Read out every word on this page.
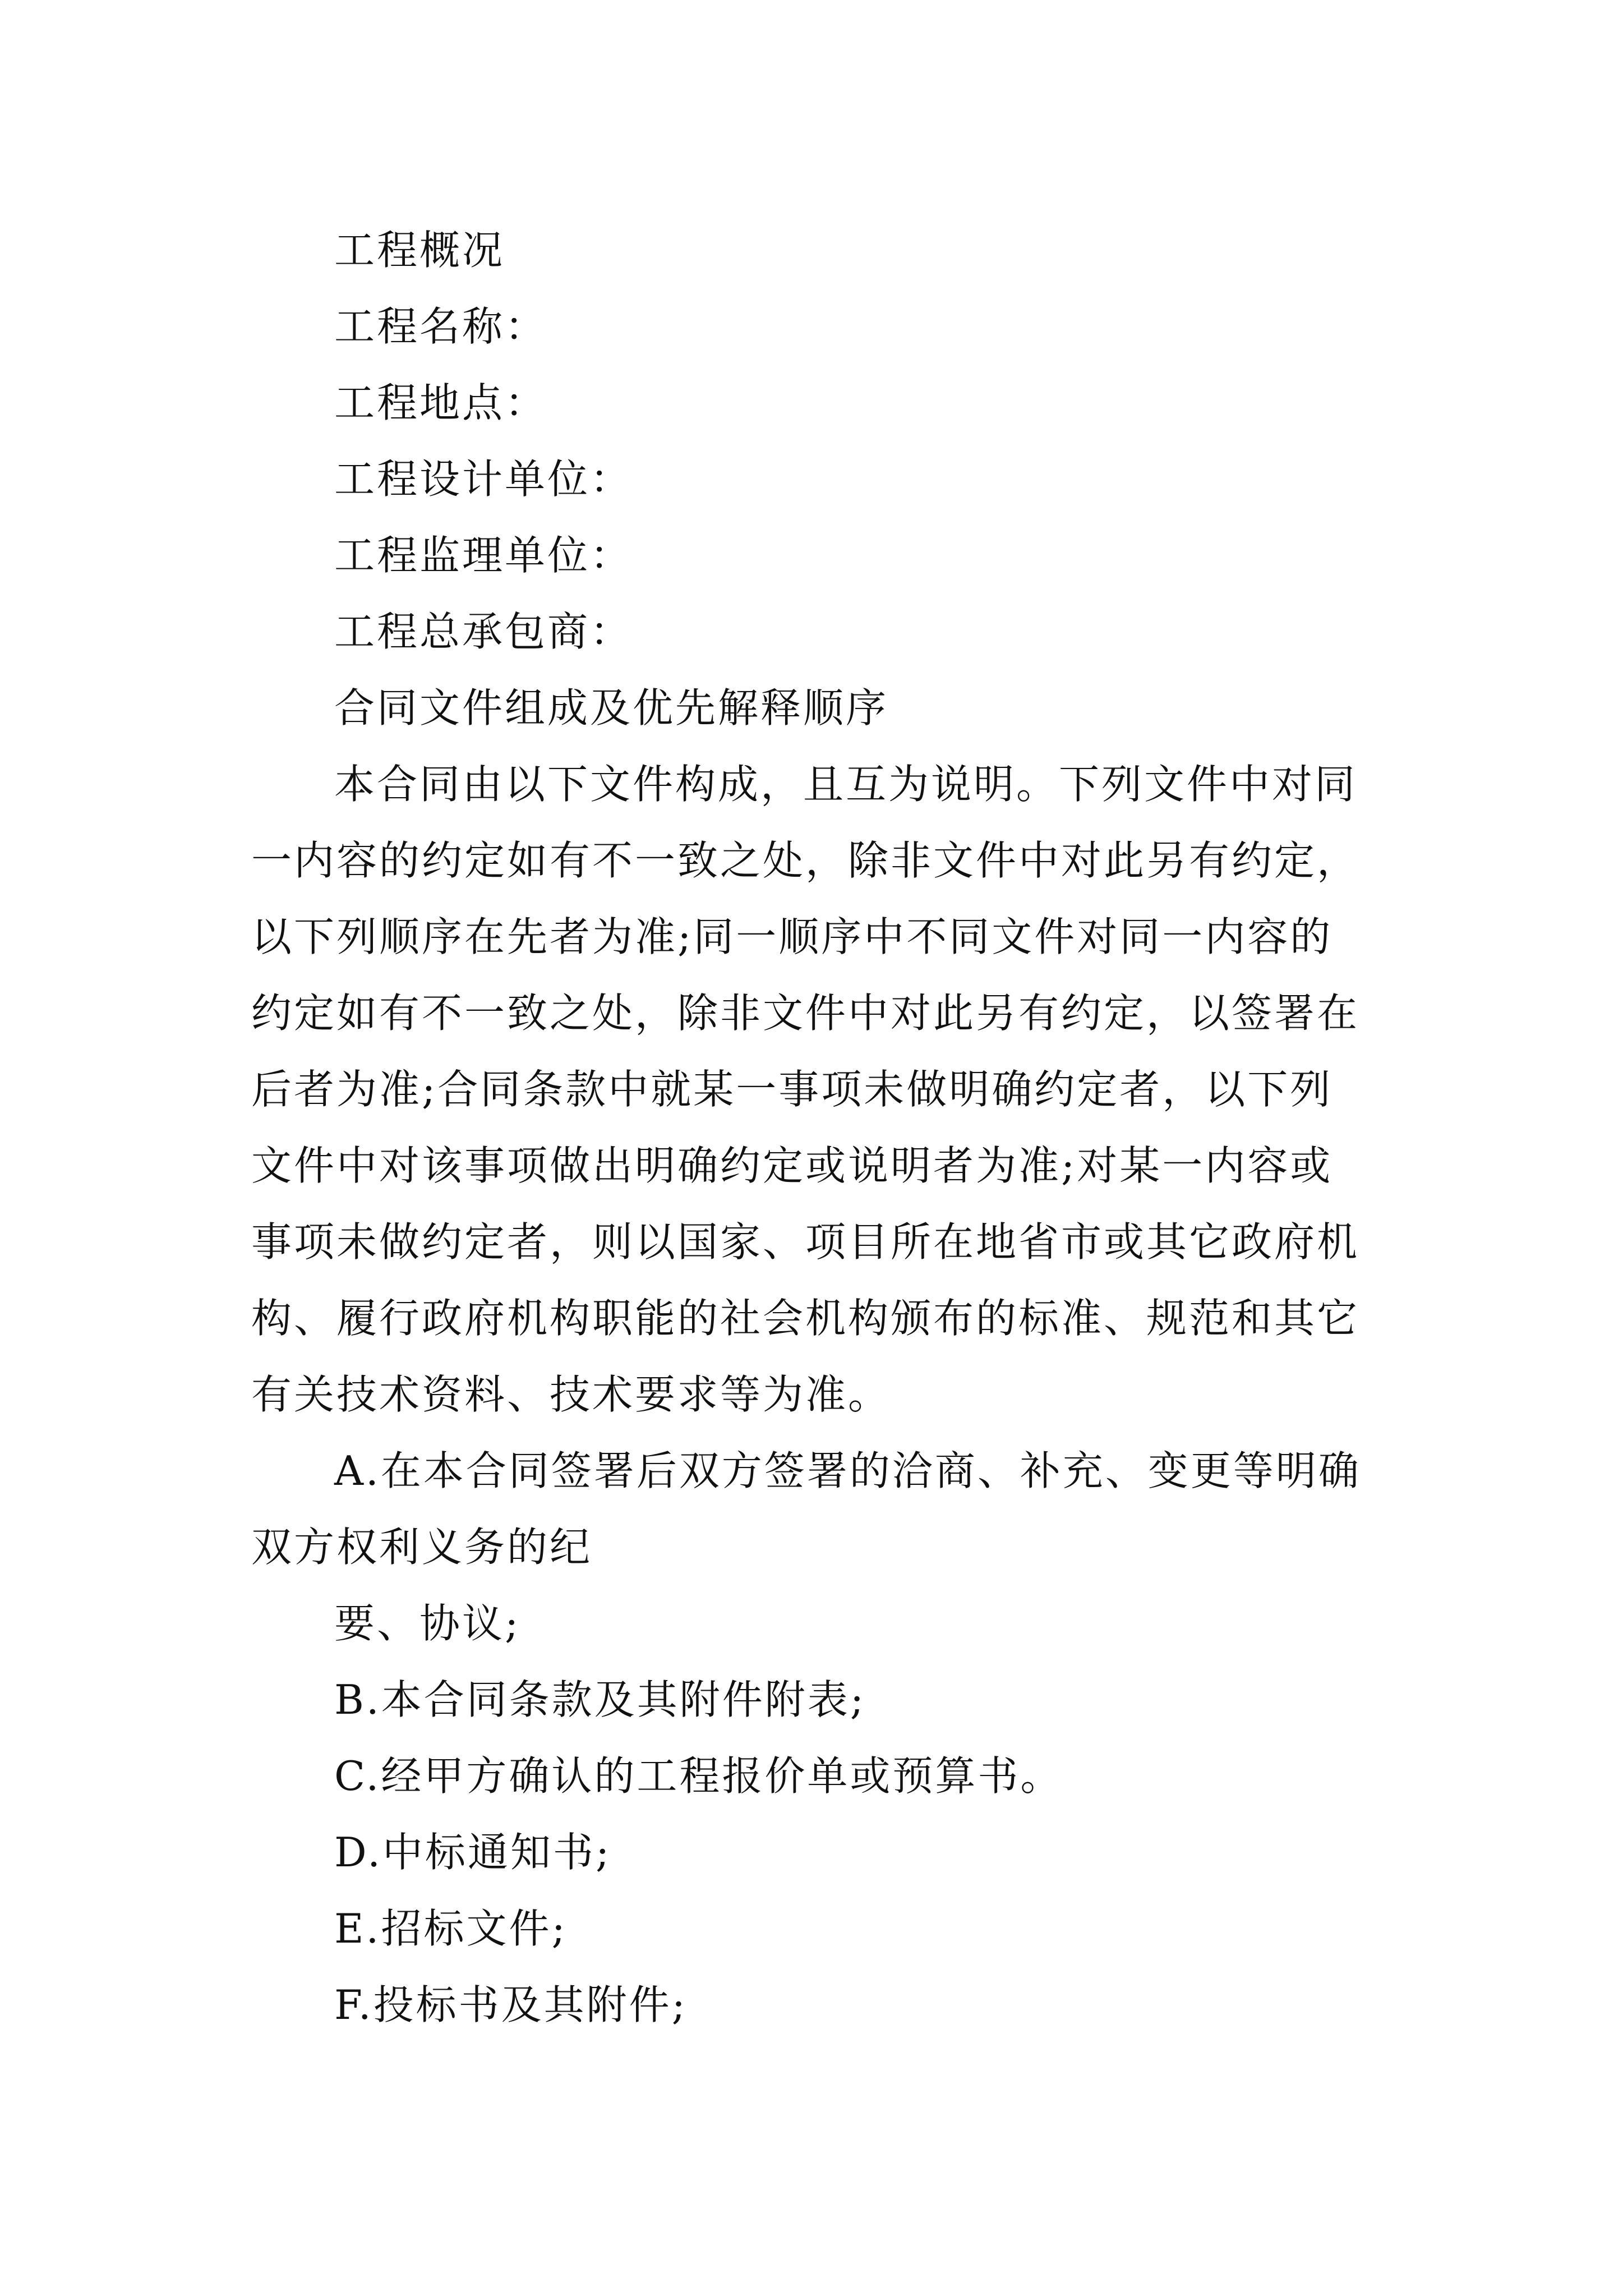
工程概况
工程名称：
工程地点：
工程设计单位：
工程监理单位：
工程总承包商：
合同文件组成及优先解释顺序
本合同由以下文件构成，且互为说明。下列文件中对同
一内容的约定如有不一致之处，除非文件中对此另有约定，
以下列顺序在先者为准;同一顺序中不同文件对同一内容的
约定如有不一致之处，除非文件中对此另有约定，以签署在
后者为准;合同条款中就某一事项未做明确约定者，以下列
文件中对该事项做出明确约定或说明者为准;对某一内容或
事项未做约定者，则以国家、项目所在地省市或其它政府机
构、履行政府机构职能的社会机构颁布的标准、规范和其它
有关技术资料、技术要求等为准。
A.在本合同签署后双方签署的洽商、补充、变更等明确
双方权利义务的纪
要、协议;
B.本合同条款及其附件附表;
C.经甲方确认的工程报价单或预算书。
D.中标通知书;
E.招标文件;
F.投标书及其附件;
